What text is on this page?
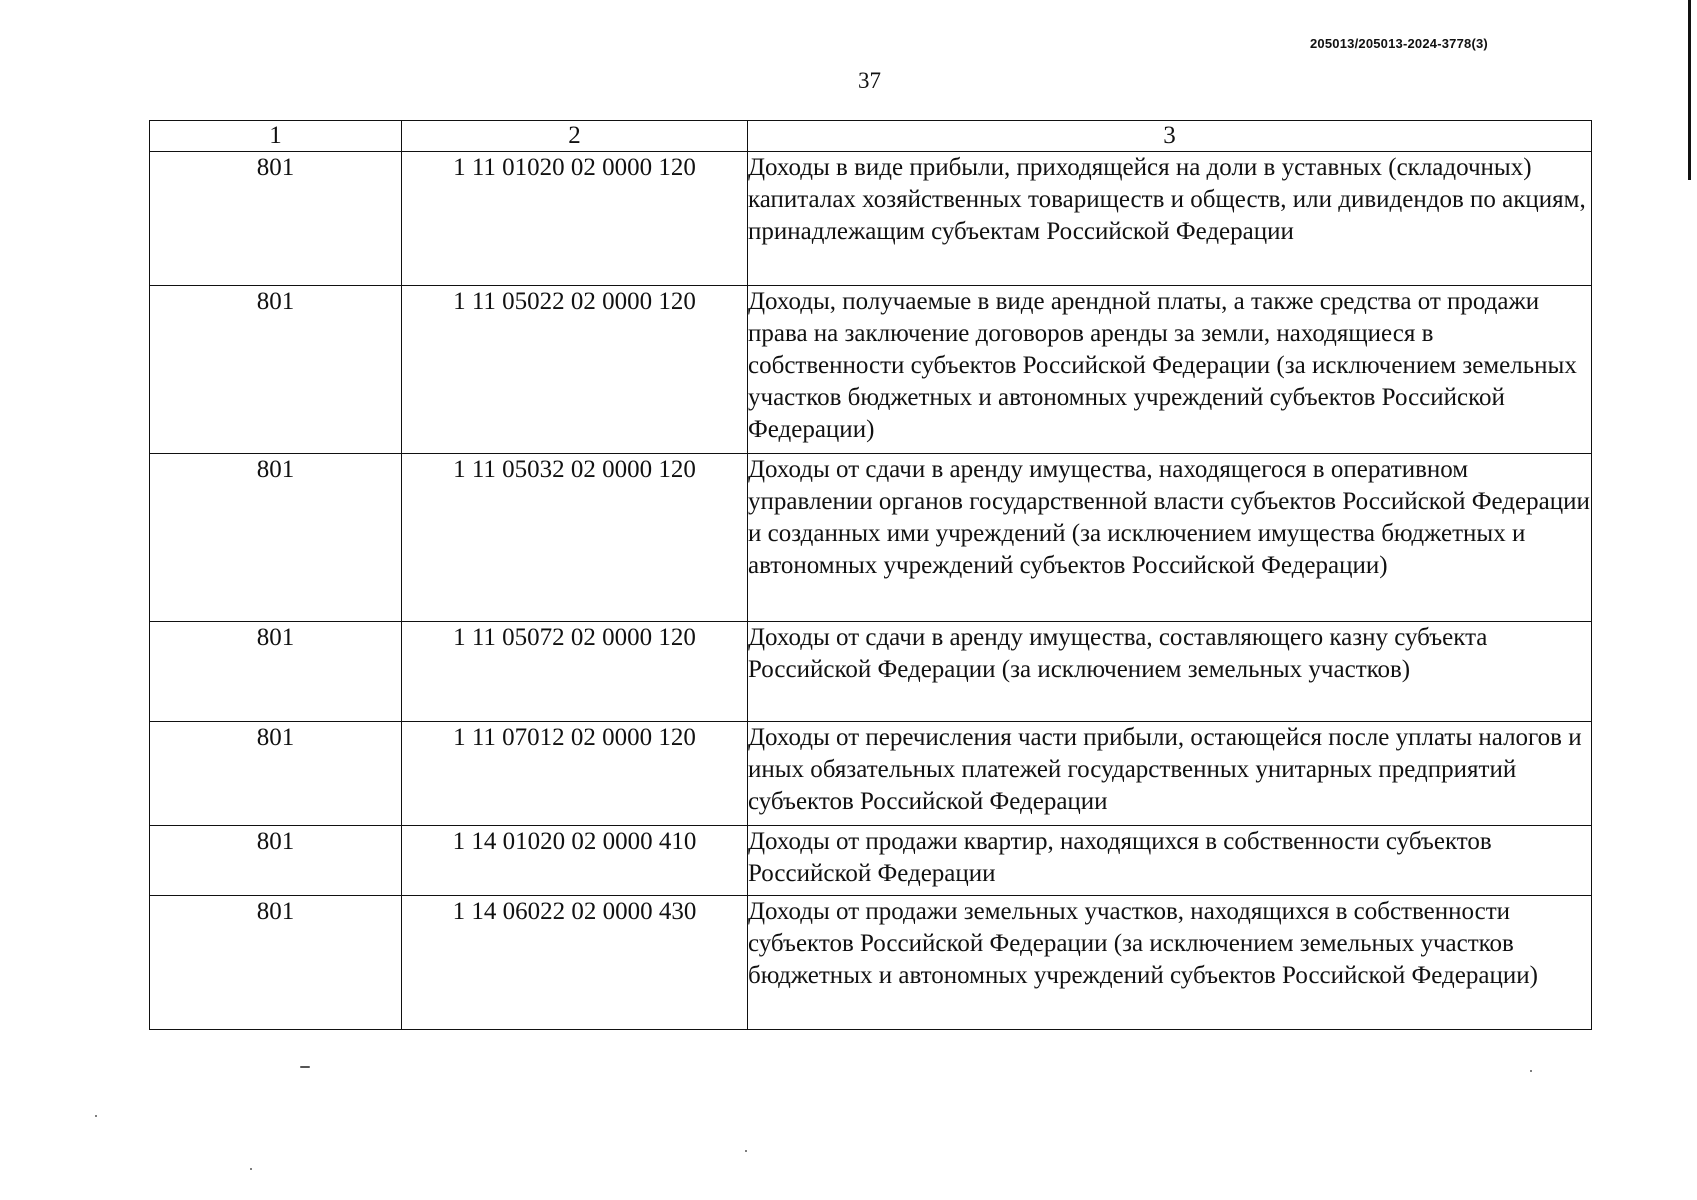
205013/205013-2024-3778(3)
37
1	2	3
801	1 11 01020 02 0000 120	Доходы в виде прибыли, приходящейся на доли в уставных (складочных) капиталах хозяйственных товариществ и обществ, или дивидендов по акциям, принадлежащим субъектам Российской Федерации
801	1 11 05022 02 0000 120	Доходы, получаемые в виде арендной платы, а также средства от продажи права на заключение договоров аренды за земли, находящиеся в собственности субъектов Российской Федерации (за исключением земельных участков бюджетных и автономных учреждений субъектов Российской Федерации)
801	1 11 05032 02 0000 120	Доходы от сдачи в аренду имущества, находящегося в оперативном управлении органов государственной власти субъектов Российской Федерации и созданных ими учреждений (за исключением имущества бюджетных и автономных учреждений субъектов Российской Федерации)
801	1 11 05072 02 0000 120	Доходы от сдачи в аренду имущества, составляющего казну субъекта Российской Федерации (за исключением земельных участков)
801	1 11 07012 02 0000 120	Доходы от перечисления части прибыли, остающейся после уплаты налогов и иных обязательных платежей государственных унитарных предприятий субъектов Российской Федерации
801	1 14 01020 02 0000 410	Доходы от продажи квартир, находящихся в собственности субъектов Российской Федерации
801	1 14 06022 02 0000 430	Доходы от продажи земельных участков, находящихся в собственности субъектов Российской Федерации (за исключением земельных участков бюджетных и автономных учреждений субъектов Российской Федерации)
